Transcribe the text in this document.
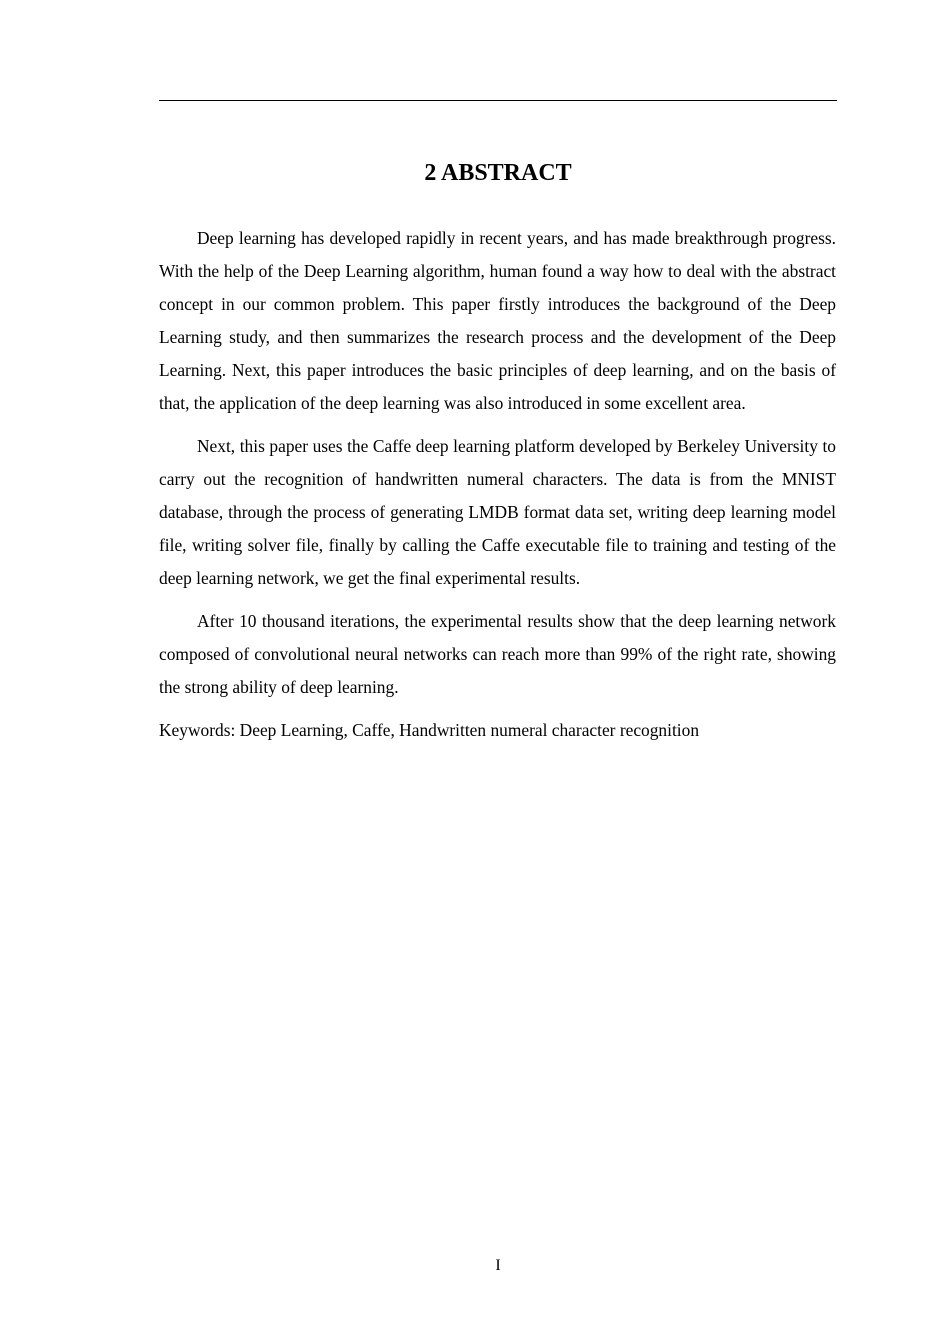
2 ABSTRACT

Deep learning has developed rapidly in recent years, and has made breakthrough progress. With the help of the Deep Learning algorithm, human found a way how to deal with the abstract concept in our common problem. This paper firstly introduces the background of the Deep Learning study, and then summarizes the research process and the development of the Deep Learning. Next, this paper introduces the basic principles of deep learning, and on the basis of that, the application of the deep learning was also introduced in some excellent area.

Next, this paper uses the Caffe deep learning platform developed by Berkeley University to carry out the recognition of handwritten numeral characters. The data is from the MNIST database, through the process of generating LMDB format data set, writing deep learning model file, writing solver file, finally by calling the Caffe executable file to training and testing of the deep learning network, we get the final experimental results.

After 10 thousand iterations, the experimental results show that the deep learning network composed of convolutional neural networks can reach more than 99% of the right rate, showing the strong ability of deep learning.

Keywords: Deep Learning, Caffe, Handwritten numeral character recognition

I
